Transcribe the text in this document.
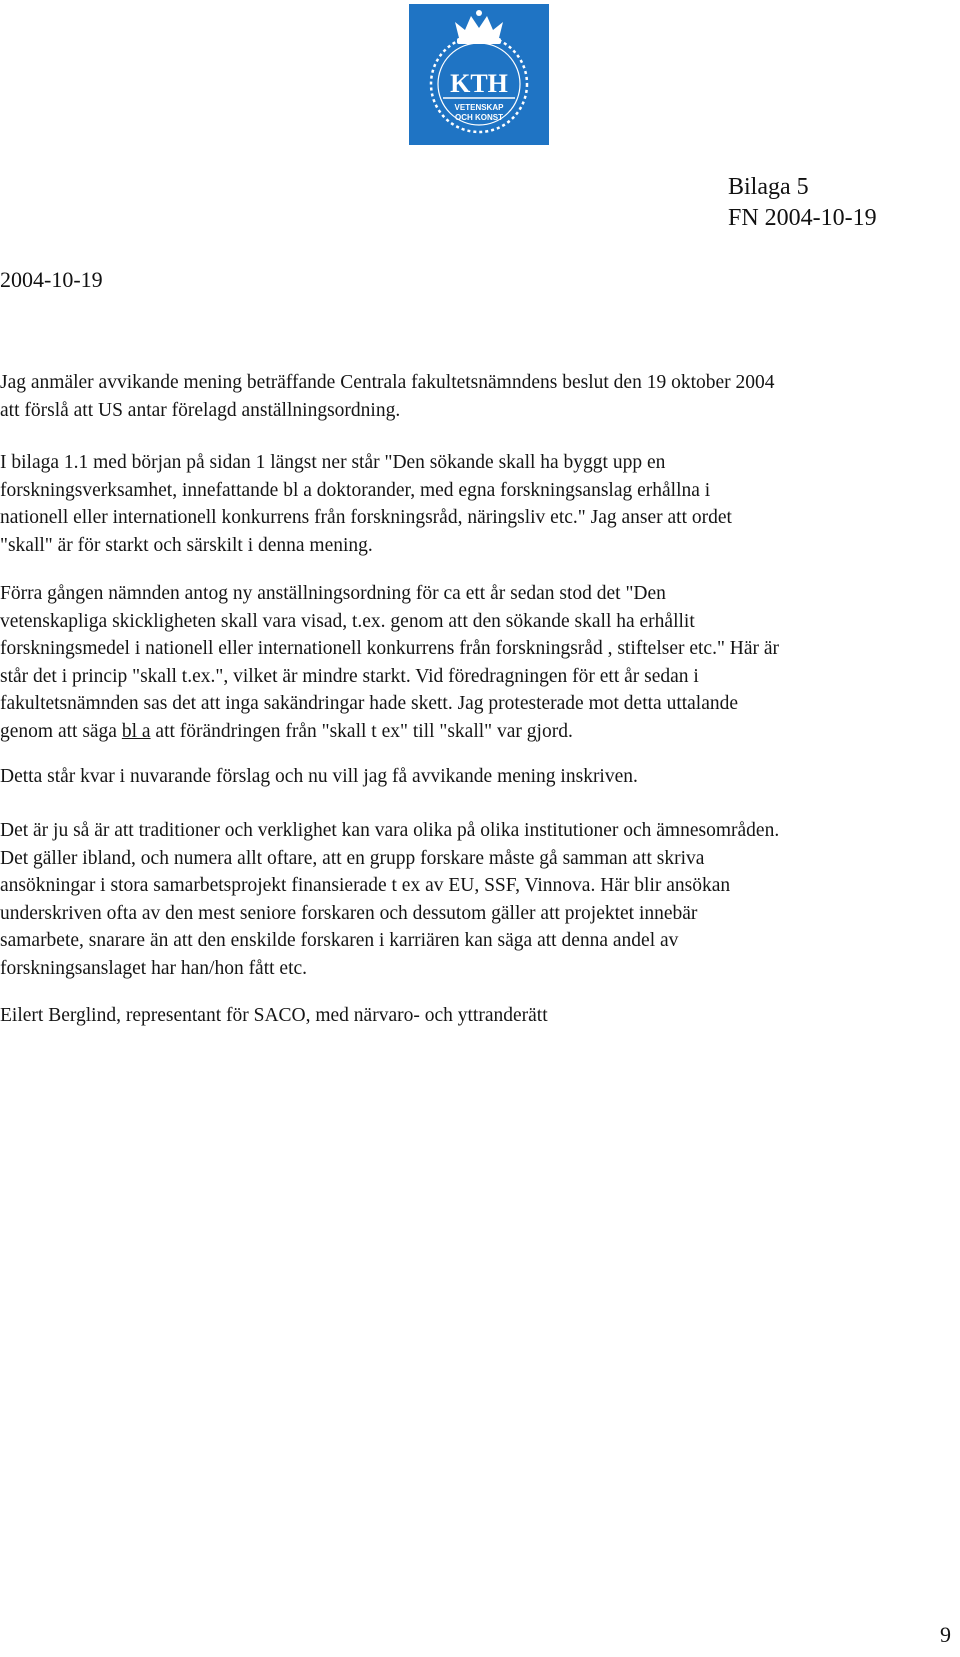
KTH
VETENSKAP
OCH KONST
Bilaga 5
FN 2004-10-19
2004-10-19

Jag anmäler avvikande mening beträffande Centrala fakultetsnämndens beslut den 19 oktober 2004
att förslå att US antar förelagd anställningsordning.

I bilaga 1.1 med början på sidan 1 längst ner står "Den sökande skall ha byggt upp en
forskningsverksamhet, innefattande bl a doktorander, med egna forskningsanslag erhållna i
nationell eller internationell konkurrens från forskningsråd, näringsliv etc." Jag anser att ordet
"skall" är för starkt och särskilt i denna mening.

Förra gången nämnden antog ny anställningsordning för ca ett år sedan stod det "Den
vetenskapliga skickligheten skall vara visad, t.ex. genom att den sökande skall ha erhållit
forskningsmedel i nationell eller internationell konkurrens från forskningsråd , stiftelser etc." Här är
står det i princip "skall t.ex.", vilket är mindre starkt. Vid föredragningen för ett år sedan i
fakultetsnämnden sas det att inga sakändringar hade skett. Jag protesterade mot detta uttalande
genom att säga bl a att förändringen från "skall t ex" till "skall" var gjord.

Detta står kvar i nuvarande förslag och nu vill jag få avvikande mening inskriven.

Det är ju så är att traditioner och verklighet kan vara olika på olika institutioner och ämnesområden.
Det gäller ibland, och numera allt oftare, att en grupp forskare måste gå samman att skriva
ansökningar i stora samarbetsprojekt finansierade t ex av EU, SSF, Vinnova. Här blir ansökan
underskriven ofta av den mest seniore forskaren och dessutom gäller att projektet innebär
samarbete, snarare än att den enskilde forskaren i karriären kan säga att denna andel av
forskningsanslaget har han/hon fått etc.

Eilert Berglind, representant för SACO, med närvaro- och yttranderätt

9
